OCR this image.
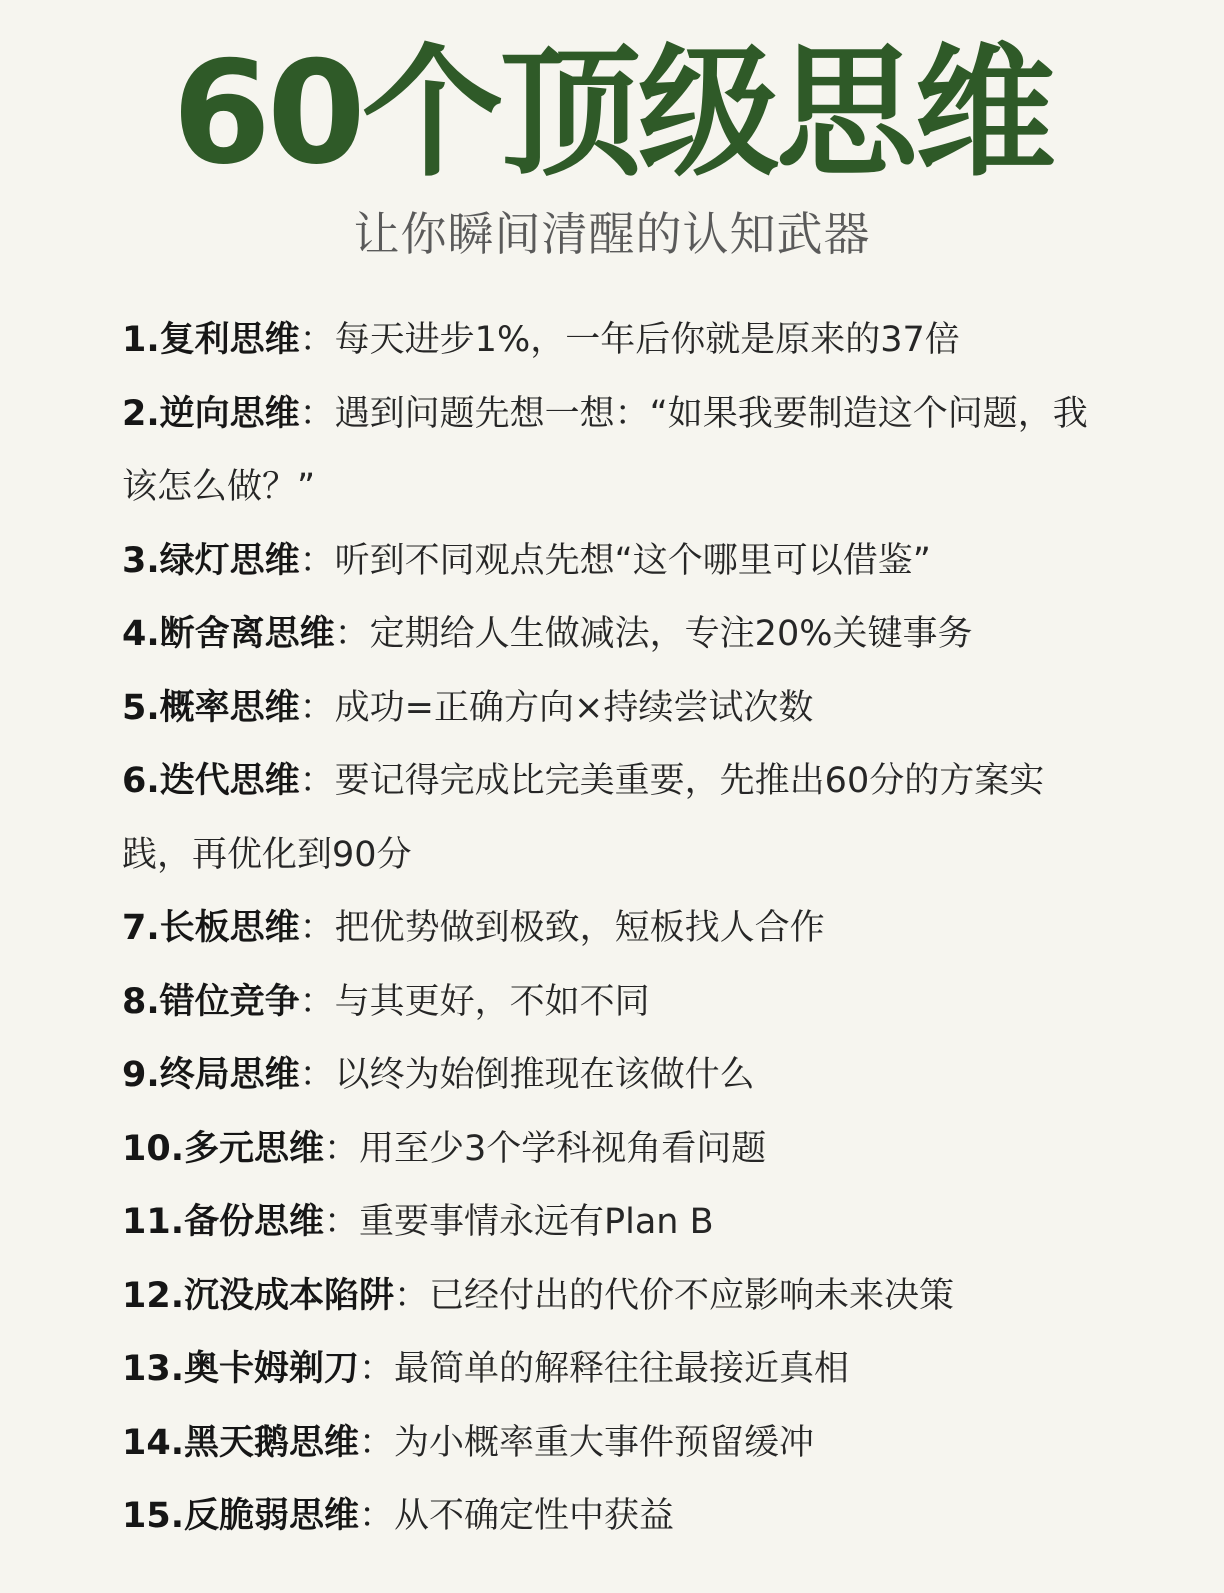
60个顶级思维
让你瞬间清醒的认知武器
1.复利思维：每天进步1%，一年后你就是原来的37倍
2.逆向思维：遇到问题先想一想：“如果我要制造这个问题，我该怎么做？”
3.绿灯思维：听到不同观点先想“这个哪里可以借鉴”
4.断舍离思维：定期给人生做减法，专注20%关键事务
5.概率思维：成功=正确方向×持续尝试次数
6.迭代思维：要记得完成比完美重要，先推出60分的方案实践，再优化到90分
7.长板思维：把优势做到极致，短板找人合作
8.错位竞争：与其更好，不如不同
9.终局思维：以终为始倒推现在该做什么
10.多元思维：用至少3个学科视角看问题
11.备份思维：重要事情永远有Plan B
12.沉没成本陷阱：已经付出的代价不应影响未来决策
13.奥卡姆剃刀：最简单的解释往往最接近真相
14.黑天鹅思维：为小概率重大事件预留缓冲
15.反脆弱思维：从不确定性中获益
